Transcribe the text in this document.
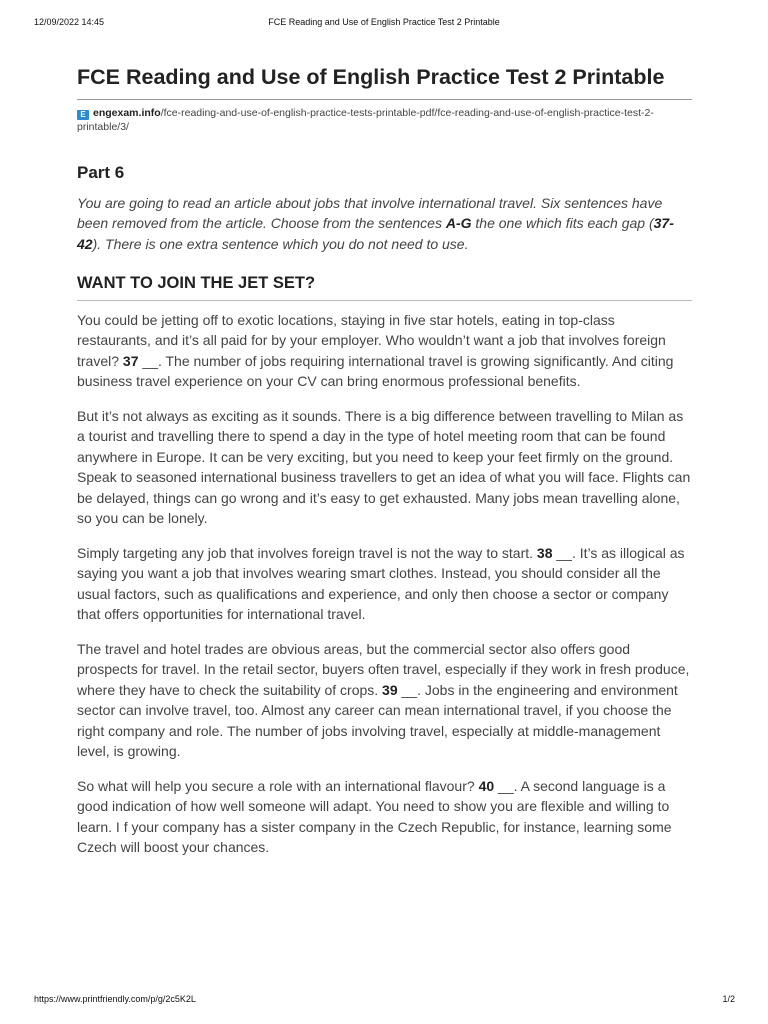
12/09/2022 14:45	FCE Reading and Use of English Practice Test 2 Printable
FCE Reading and Use of English Practice Test 2 Printable
E engexam.info/fce-reading-and-use-of-english-practice-tests-printable-pdf/fce-reading-and-use-of-english-practice-test-2-printable/3/
Part 6

You are going to read an article about jobs that involve international travel. Six sentences have been removed from the article. Choose from the sentences A-G the one which fits each gap (37-42). There is one extra sentence which you do not need to use.

WANT TO JOIN THE JET SET?

You could be jetting off to exotic locations, staying in five star hotels, eating in top-class restaurants, and it’s all paid for by your employer. Who wouldn’t want a job that involves foreign travel? 37 __. The number of jobs requiring international travel is growing significantly. And citing business travel experience on your CV can bring enormous professional benefits.

But it’s not always as exciting as it sounds. There is a big difference between travelling to Milan as a tourist and travelling there to spend a day in the type of hotel meeting room that can be found anywhere in Europe. It can be very exciting, but you need to keep your feet firmly on the ground. Speak to seasoned international business travellers to get an idea of what you will face. Flights can be delayed, things can go wrong and it’s easy to get exhausted. Many jobs mean travelling alone, so you can be lonely.

Simply targeting any job that involves foreign travel is not the way to start. 38 __. It’s as illogical as saying you want a job that involves wearing smart clothes. Instead, you should consider all the usual factors, such as qualifications and experience, and only then choose a sector or company that offers opportunities for international travel.

The travel and hotel trades are obvious areas, but the commercial sector also offers good prospects for travel. In the retail sector, buyers often travel, especially if they work in fresh produce, where they have to check the suitability of crops. 39 __. Jobs in the engineering and environment sector can involve travel, too. Almost any career can mean international travel, if you choose the right company and role. The number of jobs involving travel, especially at middle-management level, is growing.

So what will help you secure a role with an international flavour? 40 __. A second language is a good indication of how well someone will adapt. You need to show you are flexible and willing to learn. I f your company has a sister company in the Czech Republic, for instance, learning some Czech will boost your chances.

https://www.printfriendly.com/p/g/2c5K2L	1/2
